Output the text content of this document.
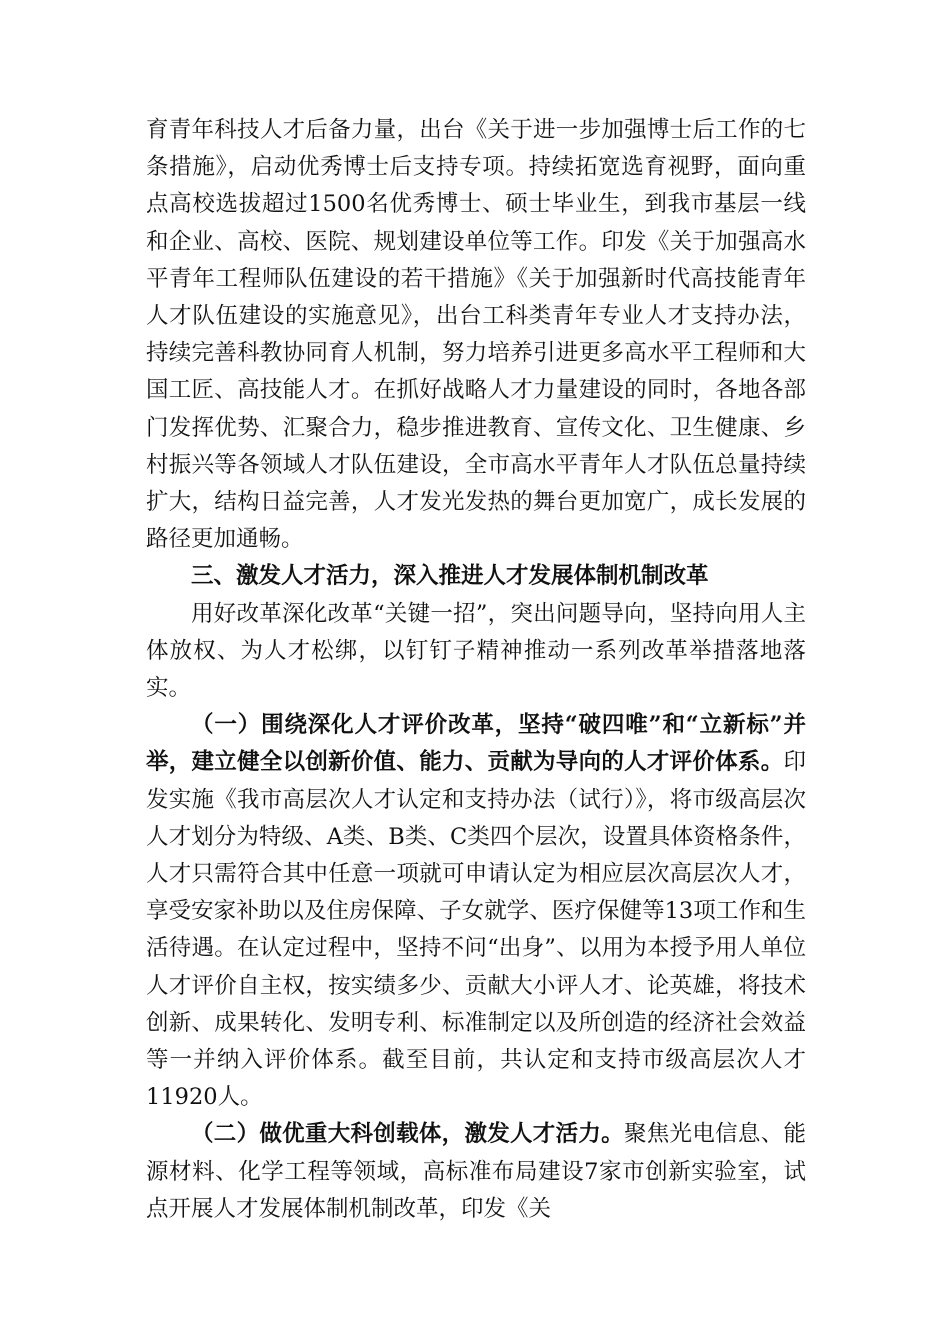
育青年科技人才后备力量，出台《关于进一步加强博士后工作的七条措施》，启动优秀博士后支持专项。持续拓宽选育视野，面向重点高校选拔超过1500名优秀博士、硕士毕业生，到我市基层一线和企业、高校、医院、规划建设单位等工作。印发《关于加强高水平青年工程师队伍建设的若干措施》《关于加强新时代高技能青年人才队伍建设的实施意见》，出台工科类青年专业人才支持办法，持续完善科教协同育人机制，努力培养引进更多高水平工程师和大国工匠、高技能人才。在抓好战略人才力量建设的同时，各地各部门发挥优势、汇聚合力，稳步推进教育、宣传文化、卫生健康、乡村振兴等各领域人才队伍建设，全市高水平青年人才队伍总量持续扩大，结构日益完善，人才发光发热的舞台更加宽广，成长发展的路径更加通畅。

三、激发人才活力，深入推进人才发展体制机制改革

用好改革深化改革“关键一招”，突出问题导向，坚持向用人主体放权、为人才松绑，以钉钉子精神推动一系列改革举措落地落实。

（一）围绕深化人才评价改革，坚持“破四唯”和“立新标”并举，建立健全以创新价值、能力、贡献为导向的人才评价体系。印发实施《我市高层次人才认定和支持办法（试行）》，将市级高层次人才划分为特级、A类、B类、C类四个层次，设置具体资格条件，人才只需符合其中任意一项就可申请认定为相应层次高层次人才，享受安家补助以及住房保障、子女就学、医疗保健等13项工作和生活待遇。在认定过程中，坚持不问“出身”、以用为本授予用人单位人才评价自主权，按实绩多少、贡献大小评人才、论英雄，将技术创新、成果转化、发明专利、标准制定以及所创造的经济社会效益等一并纳入评价体系。截至目前，共认定和支持市级高层次人才11920人。

（二）做优重大科创载体，激发人才活力。聚焦光电信息、能源材料、化学工程等领域，高标准布局建设7家市创新实验室，试点开展人才发展体制机制改革，印发《关
